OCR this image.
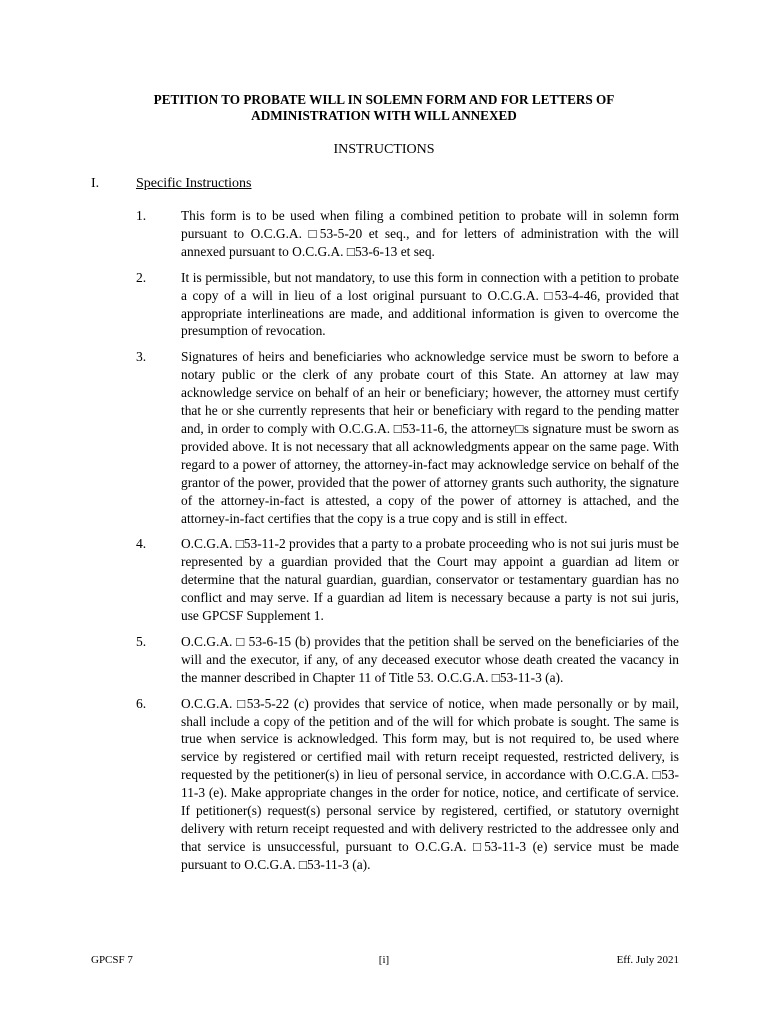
PETITION TO PROBATE WILL IN SOLEMN FORM AND FOR LETTERS OF
ADMINISTRATION WITH WILL ANNEXED
INSTRUCTIONS
I.	Specific Instructions
1.	This form is to be used when filing a combined petition to probate will in solemn form pursuant to O.C.G.A. □53-5-20 et seq., and for letters of administration with the will annexed pursuant to O.C.G.A. □53-6-13 et seq.
2.	It is permissible, but not mandatory, to use this form in connection with a petition to probate a copy of a will in lieu of a lost original pursuant to O.C.G.A. □53-4-46, provided that appropriate interlineations are made, and additional information is given to overcome the presumption of revocation.
3.	Signatures of heirs and beneficiaries who acknowledge service must be sworn to before a notary public or the clerk of any probate court of this State. An attorney at law may acknowledge service on behalf of an heir or beneficiary; however, the attorney must certify that he or she currently represents that heir or beneficiary with regard to the pending matter and, in order to comply with O.C.G.A. □53-11-6, the attorney□s signature must be sworn as provided above. It is not necessary that all acknowledgments appear on the same page. With regard to a power of attorney, the attorney-in-fact may acknowledge service on behalf of the grantor of the power, provided that the power of attorney grants such authority, the signature of the attorney-in-fact is attested, a copy of the power of attorney is attached, and the attorney-in-fact certifies that the copy is a true copy and is still in effect.
4.	O.C.G.A. □53-11-2 provides that a party to a probate proceeding who is not sui juris must be represented by a guardian provided that the Court may appoint a guardian ad litem or determine that the natural guardian, guardian, conservator or testamentary guardian has no conflict and may serve. If a guardian ad litem is necessary because a party is not sui juris, use GPCSF Supplement 1.
5.	O.C.G.A. □ 53-6-15 (b) provides that the petition shall be served on the beneficiaries of the will and the executor, if any, of any deceased executor whose death created the vacancy in the manner described in Chapter 11 of Title 53. O.C.G.A. □53-11-3 (a).
6.	O.C.G.A. □53-5-22 (c) provides that service of notice, when made personally or by mail, shall include a copy of the petition and of the will for which probate is sought. The same is true when service is acknowledged. This form may, but is not required to, be used where service by registered or certified mail with return receipt requested, restricted delivery, is requested by the petitioner(s) in lieu of personal service, in accordance with O.C.G.A. □53-11-3 (e). Make appropriate changes in the order for notice, notice, and certificate of service. If petitioner(s) request(s) personal service by registered, certified, or statutory overnight delivery with return receipt requested and with delivery restricted to the addressee only and that service is unsuccessful, pursuant to O.C.G.A. □53-11-3 (e) service must be made pursuant to O.C.G.A. □53-11-3 (a).
GPCSF 7	[i]	Eff. July 2021
